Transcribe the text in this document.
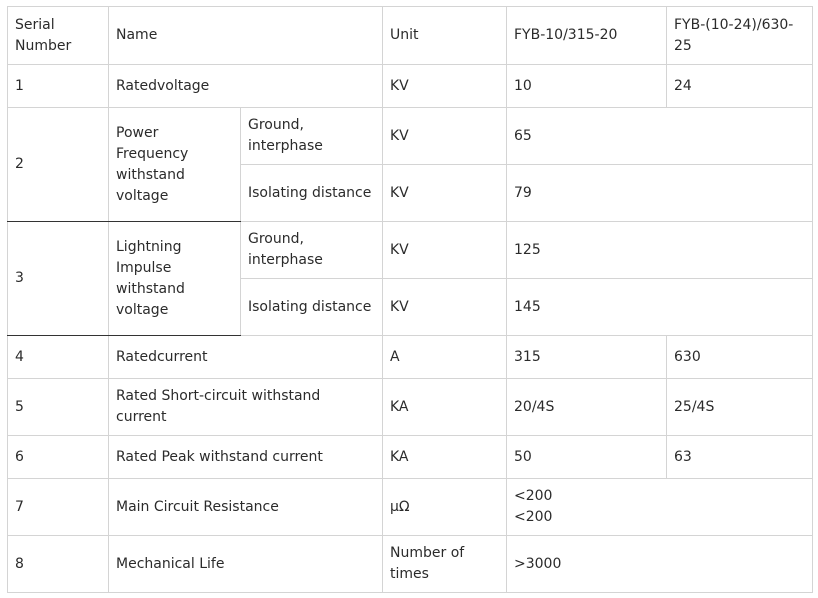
Serial Number	Name		Unit	FYB-10/315-20	FYB-(10-24)/630-25
1	Ratedvoltage		KV	10	24
2	Power Frequency withstand voltage	Ground, interphase	KV	65	
		Isolating distance	KV	79	
3	Lightning Impulse withstand voltage	Ground, interphase	KV	125	
		Isolating distance	KV	145	
4	Ratedcurrent		A	315	630
5	Rated Short-circuit withstand current		KA	20/4S	25/4S
6	Rated Peak withstand current		KA	50	63
7	Main Circuit Resistance		μΩ	<200
<200	

8	Mechanical Life		Number of times	>3000	
